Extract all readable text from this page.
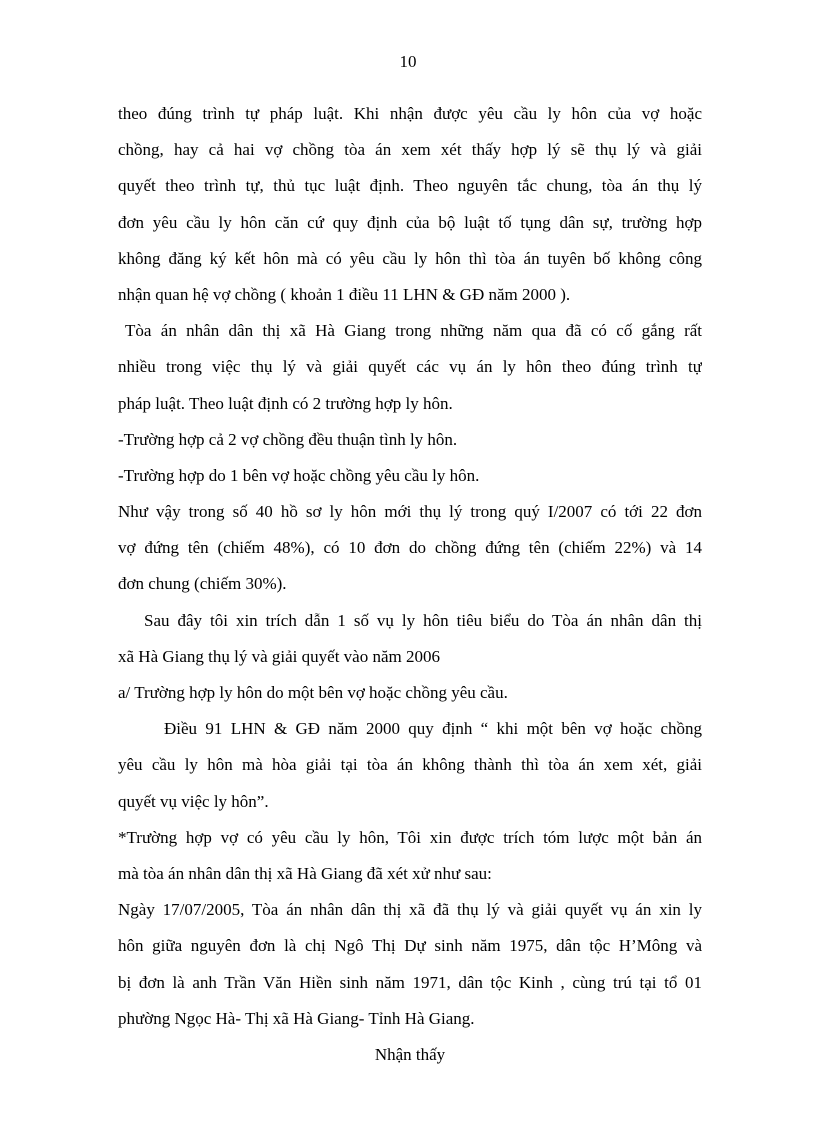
10
theo đúng trình tự pháp luật. Khi nhận được yêu cầu ly hôn của vợ hoặc
chồng, hay cả hai vợ chồng tòa án xem xét thấy hợp lý sẽ thụ lý và giải
quyết theo trình tự, thủ tục luật định. Theo nguyên tắc chung, tòa án thụ lý
đơn yêu cầu ly hôn căn cứ quy định của bộ luật tố tụng dân sự, trường hợp
không đăng ký kết hôn mà có yêu cầu ly hôn thì tòa án tuyên bố không công
nhận quan hệ vợ chồng ( khoản 1 điều 11 LHN & GĐ năm 2000 ).
Tòa án nhân dân thị xã Hà Giang trong những năm qua đã có cố gắng rất
nhiều trong việc thụ lý và giải quyết các vụ án ly hôn theo đúng trình tự
pháp luật. Theo luật định có 2 trường hợp ly hôn.
-Trường hợp cả 2 vợ chồng đều thuận tình ly hôn.
-Trường hợp do 1 bên vợ hoặc chồng yêu cầu ly hôn.
Như vậy trong số 40 hồ sơ ly hôn mới thụ lý trong quý I/2007 có tới 22 đơn
vợ đứng tên (chiếm 48%), có 10 đơn do chồng đứng tên (chiếm 22%) và 14
đơn chung (chiếm 30%).
Sau đây tôi xin trích dẫn 1 số vụ ly hôn tiêu biểu do Tòa án nhân dân thị
xã Hà Giang thụ lý và giải quyết vào năm 2006
a/ Trường hợp ly hôn do một bên vợ hoặc chồng yêu cầu.
Điều 91 LHN & GĐ năm 2000 quy định “ khi một bên vợ hoặc chồng
yêu cầu ly hôn mà hòa giải tại tòa án không thành thì tòa án xem xét, giải
quyết vụ việc ly hôn”.
*Trường hợp vợ có yêu cầu ly hôn, Tôi xin được trích tóm lược một bản án
mà tòa án nhân dân thị xã Hà Giang đã xét xử như sau:
Ngày 17/07/2005, Tòa án nhân dân thị xã đã thụ lý và giải quyết vụ án xin ly
hôn giữa nguyên đơn là chị Ngô Thị Dự sinh năm 1975, dân tộc H’Mông và
bị đơn là anh Trần Văn Hiền sinh năm 1971, dân tộc Kinh , cùng trú tại tổ 01
phường Ngọc Hà- Thị xã Hà Giang- Tỉnh Hà Giang.
Nhận thấy
